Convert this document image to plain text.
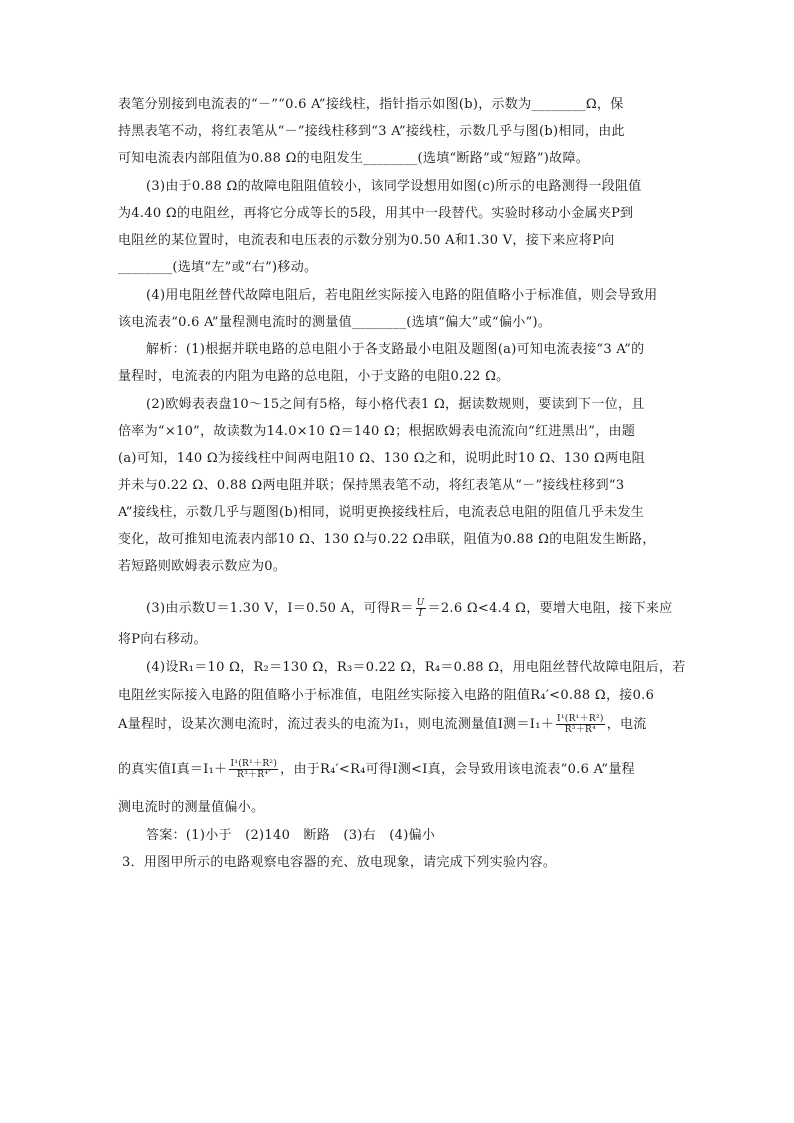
表笔分别接到电流表的“－”“0.6 A”接线柱，指针指示如图(b)，示数为________Ω，保
持黑表笔不动，将红表笔从“－”接线柱移到“3 A”接线柱，示数几乎与图(b)相同，由此
可知电流表内部阻值为0.88 Ω的电阻发生________(选填“断路”或“短路”)故障。
(3)由于0.88 Ω的故障电阻阻值较小，该同学设想用如图(c)所示的电路测得一段阻值
为4.40 Ω的电阻丝，再将它分成等长的5段，用其中一段替代。实验时移动小金属夹P到
电阻丝的某位置时，电流表和电压表的示数分别为0.50 A和1.30 V，接下来应将P向
________(选填“左”或“右”)移动。
(4)用电阻丝替代故障电阻后，若电阻丝实际接入电路的阻值略小于标准值，则会导致用
该电流表“0.6 A”量程测电流时的测量值________(选填“偏大”或“偏小”)。
解析：(1)根据并联电路的总电阻小于各支路最小电阻及题图(a)可知电流表接“3 A”的
量程时，电流表的内阻为电路的总电阻，小于支路的电阻0.22 Ω。
(2)欧姆表表盘10～15之间有5格，每小格代表1 Ω，据读数规则，要读到下一位，且
倍率为“×10”，故读数为14.0×10 Ω＝140 Ω；根据欧姆表电流流向“红进黑出”，由题
(a)可知，140 Ω为接线柱中间两电阻10 Ω、130 Ω之和，说明此时10 Ω、130 Ω两电阻
并未与0.22 Ω、0.88 Ω两电阻并联；保持黑表笔不动，将红表笔从“－”接线柱移到“3
A”接线柱，示数几乎与题图(b)相同，说明更换接线柱后，电流表总电阻的阻值几乎未发生
变化，故可推知电流表内部10 Ω、130 Ω与0.22 Ω串联，阻值为0.88 Ω的电阻发生断路，
若短路则欧姆表示数应为0。
(3)由示数U＝1.30 V，I＝0.50 A，可得$R= \frac{U}{I} =2.6$ Ω<4.4 Ω，要增大电阻，接下来应
将P向右移动。
(4)设R₁＝10 Ω，R₂＝130 Ω，R₃＝0.22 Ω，R₄＝0.88 Ω，用电阻丝替代故障电阻后，若
电阻丝实际接入电路的阻值略小于标准值，电阻丝实际接入电路的阻值R₄′<0.88 Ω，接0.6
A量程时，设某次测电流时，流过表头的电流为I₁，则电流测量值I测$=I_1+ \frac{\text{I¹(R¹＋R²)}}{\text{R³＋R⁴}}$ ，电流
的真实值I真$=I_1+ \frac{\text{I¹(R¹＋R²)}}{\text{R³＋R⁴′}}$ ，由于R₄′<R₄可得I测<I真，会导致用该电流表“0.6 A”量程
测电流时的测量值偏小。
答案：(1)小于　(2)140　断路　(3)右　(4)偏小
3．用图甲所示的电路观察电容器的充、放电现象，请完成下列实验内容。
